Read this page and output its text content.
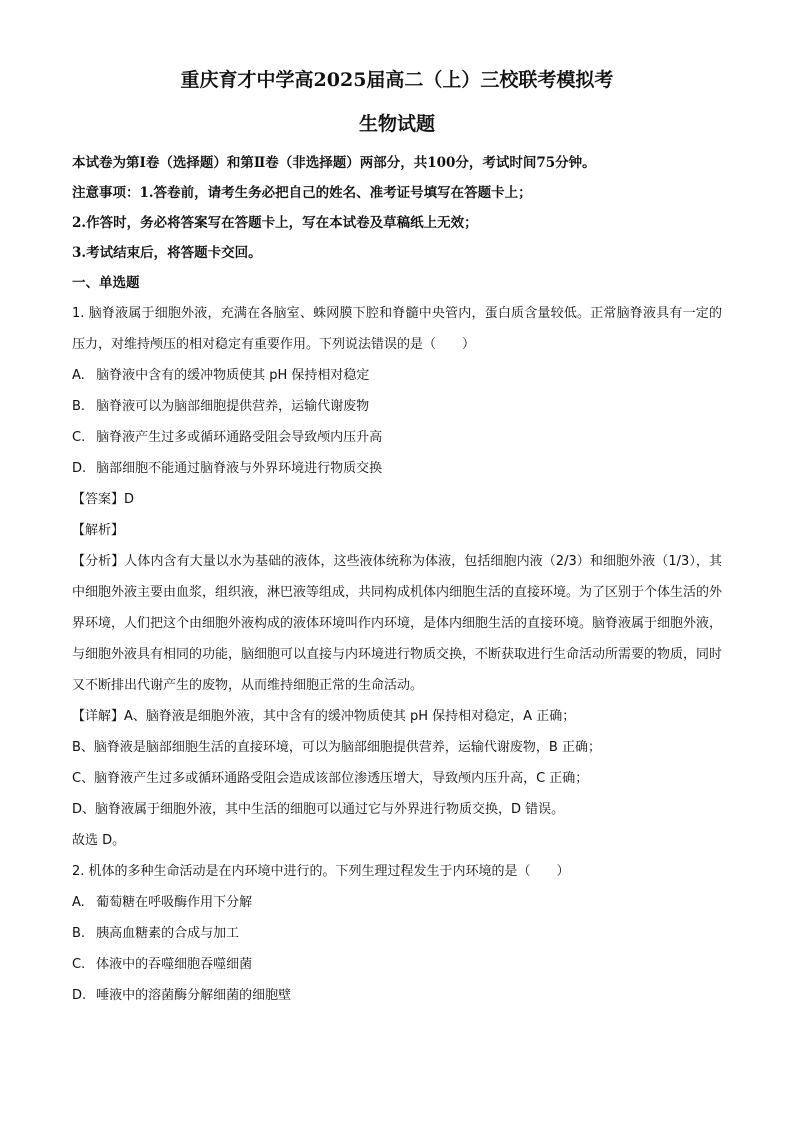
重庆育才中学高2025届高二（上）三校联考模拟考

生物试题

本试卷为第Ⅰ卷（选择题）和第Ⅱ卷（非选择题）两部分，共100分，考试时间75分钟。

注意事项：1.答卷前，请考生务必把自己的姓名、准考证号填写在答题卡上；

2.作答时，务必将答案写在答题卡上，写在本试卷及草稿纸上无效；

3.考试结束后，将答题卡交回。

一、单选题

1. 脑脊液属于细胞外液，充满在各脑室、蛛网膜下腔和脊髓中央管内，蛋白质含量较低。正常脑脊液具有一定的压力，对维持颅压的相对稳定有重要作用。下列说法错误的是（　　）

A. 脑脊液中含有的缓冲物质使其 pH 保持相对稳定

B. 脑脊液可以为脑部细胞提供营养，运输代谢废物

C. 脑脊液产生过多或循环通路受阻会导致颅内压升高

D. 脑部细胞不能通过脑脊液与外界环境进行物质交换

【答案】D

【解析】

【分析】人体内含有大量以水为基础的液体，这些液体统称为体液，包括细胞内液（2/3）和细胞外液（1/3），其中细胞外液主要由血浆，组织液，淋巴液等组成，共同构成机体内细胞生活的直接环境。为了区别于个体生活的外界环境，人们把这个由细胞外液构成的液体环境叫作内环境，是体内细胞生活的直接环境。脑脊液属于细胞外液，与细胞外液具有相同的功能，脑细胞可以直接与内环境进行物质交换，不断获取进行生命活动所需要的物质，同时又不断排出代谢产生的废物，从而维持细胞正常的生命活动。

【详解】A、脑脊液是细胞外液，其中含有的缓冲物质使其 pH 保持相对稳定，A 正确；

B、脑脊液是脑部细胞生活的直接环境，可以为脑部细胞提供营养，运输代谢废物，B 正确；

C、脑脊液产生过多或循环通路受阻会造成该部位渗透压增大，导致颅内压升高，C 正确；

D、脑脊液属于细胞外液，其中生活的细胞可以通过它与外界进行物质交换，D 错误。

故选 D。

2. 机体的多种生命活动是在内环境中进行的。下列生理过程发生于内环境的是（　　）

A. 葡萄糖在呼吸酶作用下分解

B. 胰高血糖素的合成与加工

C. 体液中的吞噬细胞吞噬细菌

D. 唾液中的溶菌酶分解细菌的细胞壁
